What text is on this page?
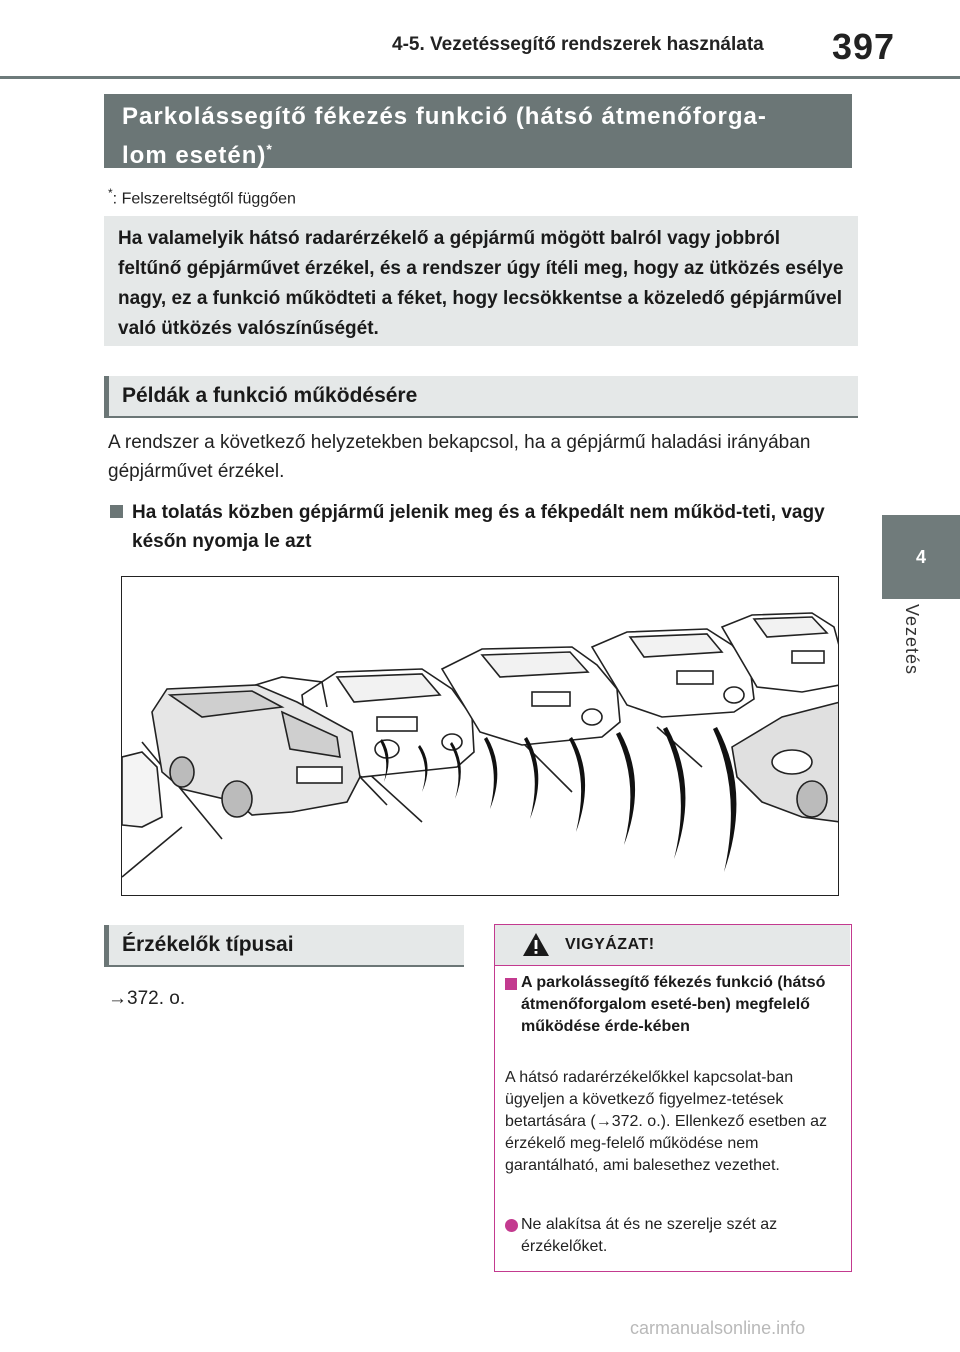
4-5. Vezetéssegítő rendszerek használata 397
4
Vezetés
Parkolássegítő fékezés funkció (hátsó átmenőforga-
lom esetén)*
*: Felszereltségtől függően
Ha valamelyik hátsó radarérzékelő a gépjármű mögött balról vagy jobbról feltűnő gépjárművet érzékel, és a rendszer úgy ítéli meg, hogy az ütközés esélye nagy, ez a funkció működteti a féket, hogy lecsökkentse a közeledő gépjárművel való ütközés valószínűségét.
Példák a funkció működésére
A rendszer a következő helyzetekben bekapcsol, ha a gépjármű haladási irányában gépjárművet érzékel.
Ha tolatás közben gépjármű jelenik meg és a fékpedált nem működ-teti, vagy későn nyomja le azt
Érzékelők típusai
→372. o.
VIGYÁZAT!
A parkolássegítő fékezés funkció (hátsó átmenőforgalom eseté-ben) megfelelő működése érde-kében
A hátsó radarérzékelőkkel kapcsolat-ban ügyeljen a következő figyelmez-tetések betartására (→372. o.). Ellenkező esetben az érzékelő meg-felelő működése nem garantálható, ami balesethez vezethet.
Ne alakítsa át és ne szerelje szét az érzékelőket.
carmanualsonline.info
